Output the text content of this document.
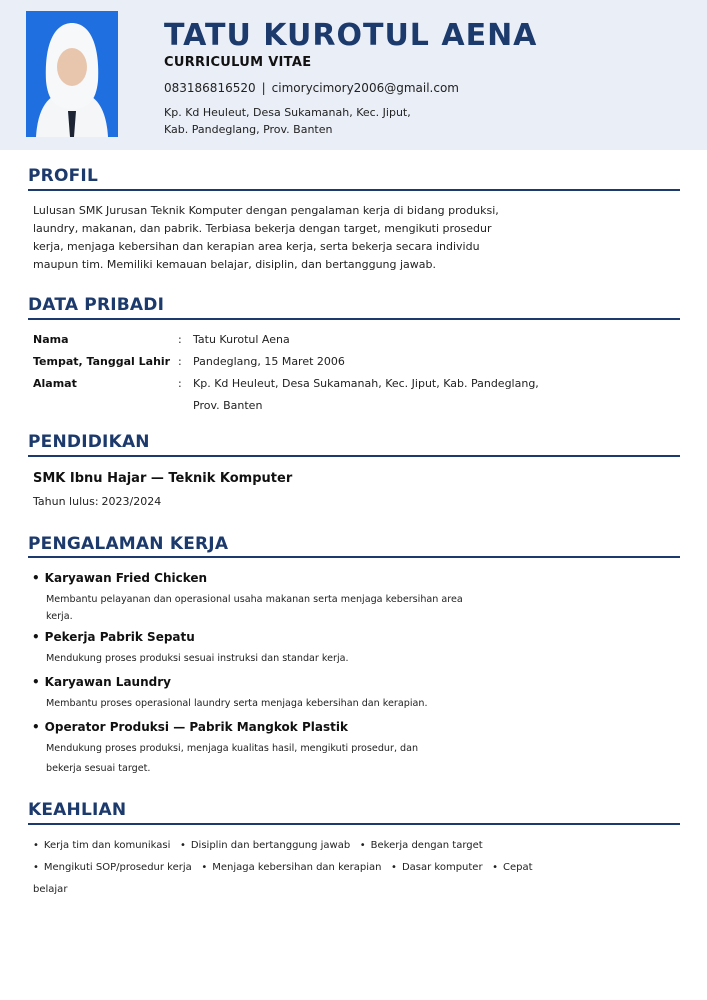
TATU KUROTUL AENA
CURRICULUM VITAE
083186816520 | cimorycimory2006@gmail.com
Kp. Kd Heuleut, Desa Sukamanah, Kec. Jiput,
Kab. Pandeglang, Prov. Banten
PROFIL
Lulusan SMK Jurusan Teknik Komputer dengan pengalaman kerja di bidang produksi,
laundry, makanan, dan pabrik. Terbiasa bekerja dengan target, mengikuti prosedur
kerja, menjaga kebersihan dan kerapian area kerja, serta bekerja secara individu
maupun tim. Memiliki kemauan belajar, disiplin, dan bertanggung jawab.
DATA PRIBADI
Nama	: Tatu Kurotul Aena
Tempat, Tanggal Lahir : Pandeglang, 15 Maret 2006
Alamat	: Kp. Kd Heuleut, Desa Sukamanah, Kec. Jiput, Kab. Pandeglang,
Prov. Banten
PENDIDIKAN
SMK Ibnu Hajar — Teknik Komputer
Tahun lulus: 2023/2024
PENGALAMAN KERJA
• Karyawan Fried Chicken
Membantu pelayanan dan operasional usaha makanan serta menjaga kebersihan area
kerja.
• Pekerja Pabrik Sepatu
Mendukung proses produksi sesuai instruksi dan standar kerja.
• Karyawan Laundry
Membantu proses operasional laundry serta menjaga kebersihan dan kerapian.
• Operator Produksi — Pabrik Mangkok Plastik
Mendukung proses produksi, menjaga kualitas hasil, mengikuti prosedur, dan
bekerja sesuai target.
KEAHLIAN
• Kerja tim dan komunikasi • Disiplin dan bertanggung jawab • Bekerja dengan target   • Mengikuti SOP/prosedur kerja • Menjaga kebersihan dan kerapian • Dasar komputer • Cepat belajar
